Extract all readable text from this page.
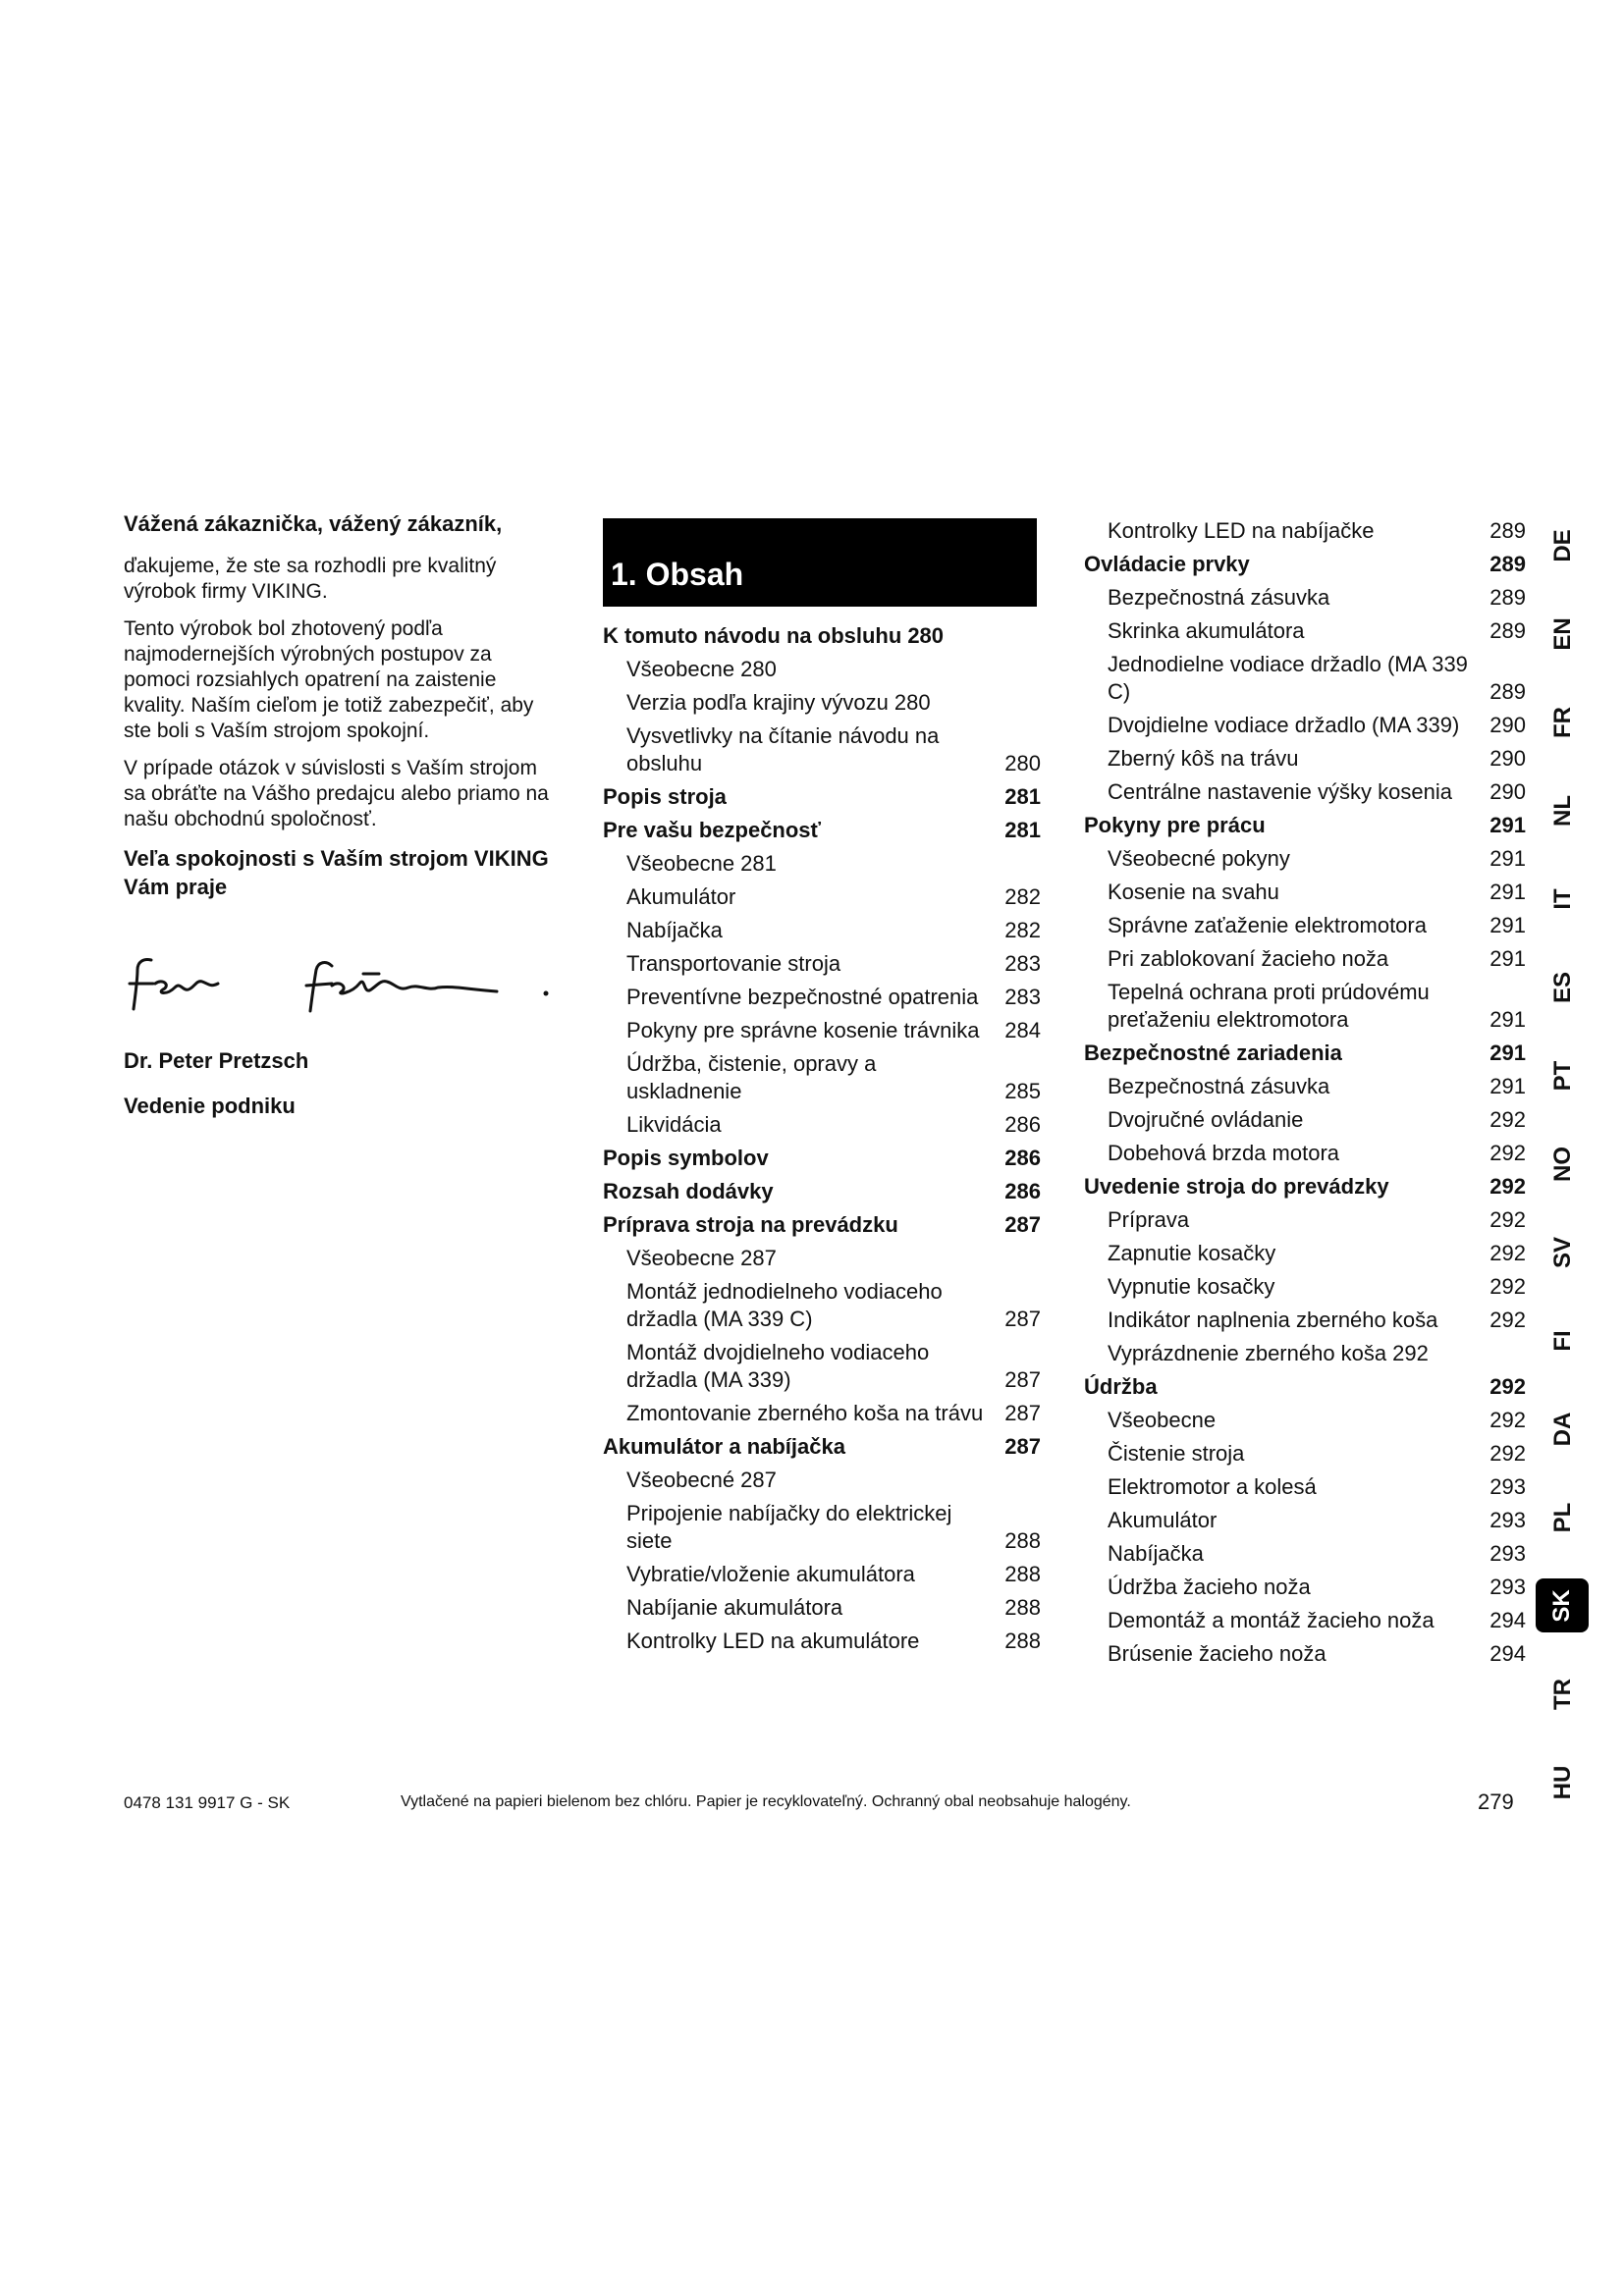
Vážená zákaznička, vážený zákazník,

ďakujeme, že ste sa rozhodli pre kvalitný výrobok firmy VIKING.

Tento výrobok bol zhotovený podľa najmodernejších výrobných postupov za pomoci rozsiahlych opatrení na zaistenie kvality. Naším cieľom je totiž zabezpečiť, aby ste boli s Vaším strojom spokojní.

V prípade otázok v súvislosti s Vaším strojom sa obráťte na Vášho predajcu alebo priamo na našu obchodnú spoločnosť.

Veľa spokojnosti s Vaším strojom VIKING Vám praje
Dr. Peter Pretzsch
Vedenie podniku
1. Obsah
K tomuto návodu na obsluhu 280
Všeobecne 280
Verzia podľa krajiny vývozu 280
Vysvetlivky na čítanie návodu na obsluhu	280
Popis stroja	281
Pre vašu bezpečnosť	281
Všeobecne 281
Akumulátor	282
Nabíjačka	282
Transportovanie stroja	283
Preventívne bezpečnostné opatrenia	283
Pokyny pre správne kosenie trávnika	284
Údržba, čistenie, opravy a uskladnenie	285
Likvidácia	286
Popis symbolov	286
Rozsah dodávky	286
Príprava stroja na prevádzku	287
Všeobecne 287
Montáž jednodielneho vodiaceho držadla (MA 339 C)	287
Montáž dvojdielneho vodiaceho držadla (MA 339)	287
Zmontovanie zberného koša na trávu	287
Akumulátor a nabíjačka	287
Všeobecné 287
Pripojenie nabíjačky do elektrickej siete	288
Vybratie/vloženie akumulátora	288
Nabíjanie akumulátora	288
Kontrolky LED na akumulátore	288
Kontrolky LED na nabíjačke	289
Ovládacie prvky	289
Bezpečnostná zásuvka	289
Skrinka akumulátora	289
Jednodielne vodiace držadlo (MA 339 C)	289
Dvojdielne vodiace držadlo (MA 339)	290
Zberný kôš na trávu	290
Centrálne nastavenie výšky kosenia	290
Pokyny pre prácu	291
Všeobecné pokyny	291
Kosenie na svahu	291
Správne zaťaženie elektromotora	291
Pri zablokovaní žacieho noža	291
Tepelná ochrana proti prúdovému preťaženiu elektromotora	291
Bezpečnostné zariadenia	291
Bezpečnostná zásuvka	291
Dvojručné ovládanie	292
Dobehová brzda motora	292
Uvedenie stroja do prevádzky	292
Príprava	292
Zapnutie kosačky	292
Vypnutie kosačky	292
Indikátor naplnenia zberného koša	292
Vyprázdnenie zberného koša 292
Údržba	292
Všeobecne	292
Čistenie stroja	292
Elektromotor a kolesá	293
Akumulátor	293
Nabíjačka	293
Údržba žacieho noža	293
Demontáž a montáž žacieho noža	294
Brúsenie žacieho noža	294
DE
EN
FR
NL
IT
ES
PT
NO
SV
FI
DA
PL
SK
TR
HU
0478 131 9917 G - SK	Vytlačené na papieri bielenom bez chlóru. Papier je recyklovateľný. Ochranný obal neobsahuje halogény.	279
